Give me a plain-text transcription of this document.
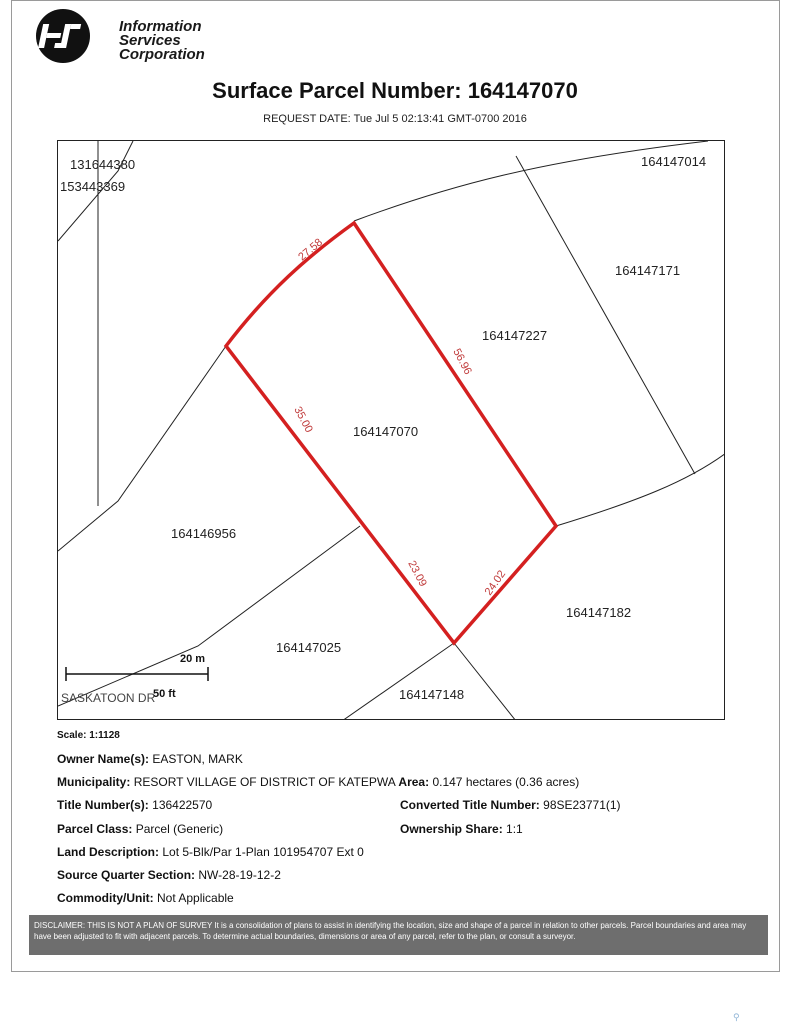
Information
Services
Corporation
Surface Parcel Number: 164147070
REQUEST DATE: Tue Jul 5 02:13:41 GMT-0700 2016
131644380
153443369
164147014
164147171
164147227
164147070
164146956
164147182
164147025
164147148
27.58
56.96
35.00
23.09	24.02
20 m
50 ft
SASKATOON DR
Scale: 1:1128
Owner Name(s): EASTON, MARK
Municipality: RESORT VILLAGE OF DISTRICT OF KATEPWA Area: 0.147 hectares (0.36 acres)
Title Number(s): 136422570	Converted Title Number: 98SE23771(1)
Parcel Class: Parcel (Generic)	Ownership Share: 1:1
Land Description: Lot 5-Blk/Par 1-Plan 101954707 Ext 0
Source Quarter Section: NW-28-19-12-2
Commodity/Unit: Not Applicable
DISCLAIMER: THIS IS NOT A PLAN OF SURVEY It is a consolidation of plans to assist in identifying the location, size and shape of a parcel in relation to other parcels. Parcel boundaries and area may have been adjusted to fit with adjacent parcels. To determine actual boundaries, dimensions or area of any parcel, refer to the plan, or consult a surveyor.
⚲
